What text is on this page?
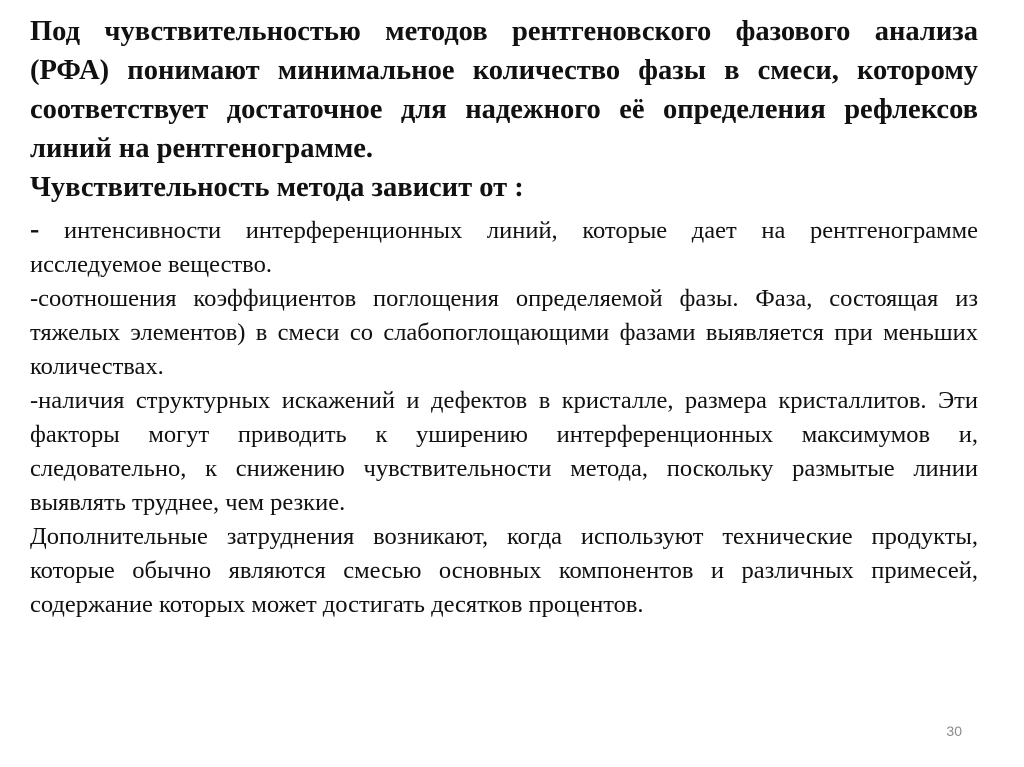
Под чувствительностью методов рентгеновского фазового анализа (РФА) понимают минимальное количество фазы в смеси, которому соответствует достаточное для надежного её определения рефлексов линий на рентгенограмме.

Чувствительность метода зависит от :

- интенсивности интерференционных линий, которые дает на рентгенограмме исследуемое вещество.

-соотношения коэффициентов поглощения определяемой фазы. Фаза, состоящая из тяжелых элементов) в смеси со слабопоглощающими фазами выявляется при меньших количествах.

-наличия структурных искажений и дефектов в кристалле, размера кристаллитов. Эти факторы могут приводить к уширению интерференционных максимумов и, следовательно, к снижению чувствительности метода, поскольку размытые линии выявлять труднее, чем резкие.

Дополнительные затруднения возникают, когда используют технические продукты, которые обычно являются смесью основных компонентов и различных примесей, содержание которых может достигать десятков процентов.

30
